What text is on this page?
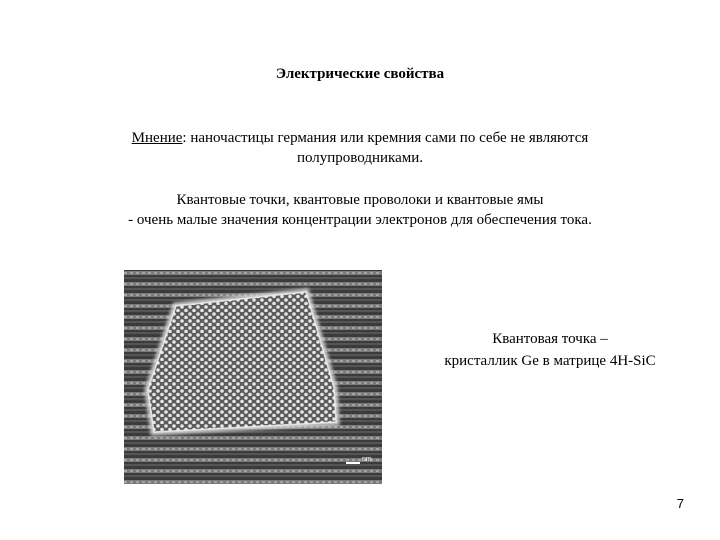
Электрические свойства
Мнение: наночастицы германия или кремния сами по себе не являются
полупроводниками.
Квантовые точки, квантовые проволоки и квантовые ямы
- очень малые значения концентрации электронов для обеспечения тока.
nm
Квантовая точка –
кристаллик Ge в матрице 4H-SiC
7
